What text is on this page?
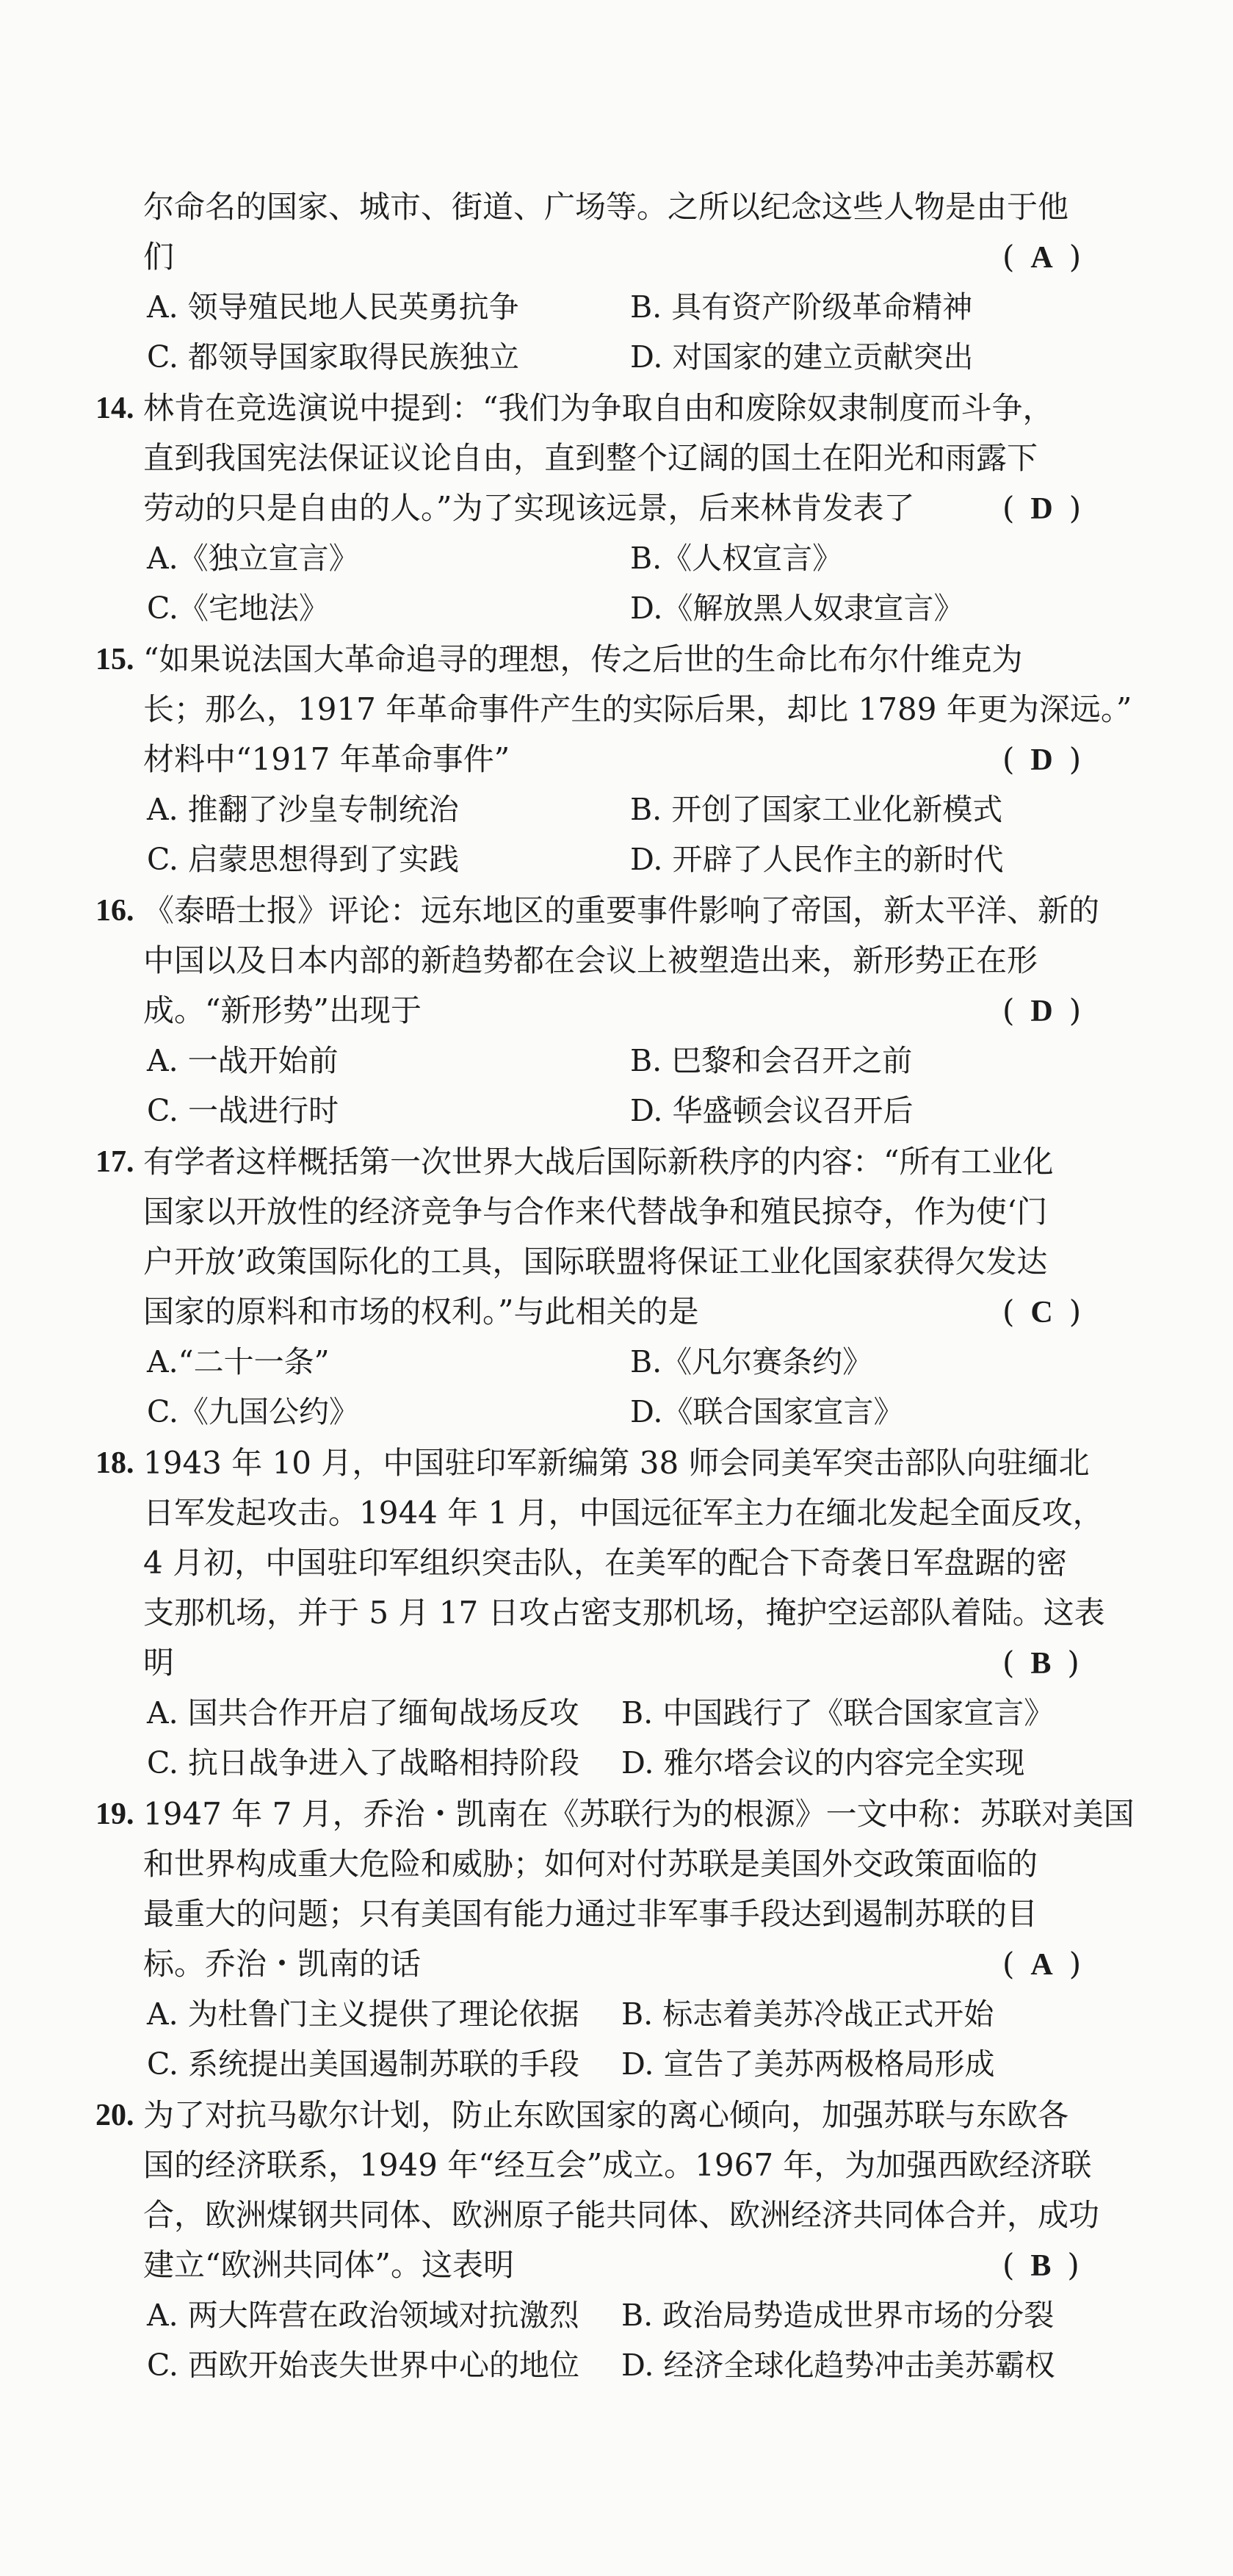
尔命名的国家、城市、街道、广场等。之所以纪念这些人物是由于他
们	( A )
A. 领导殖民地人民英勇抗争	B. 具有资产阶级革命精神
C. 都领导国家取得民族独立	D. 对国家的建立贡献突出
14. 林肯在竞选演说中提到：“我们为争取自由和废除奴隶制度而斗争，
直到我国宪法保证议论自由，直到整个辽阔的国土在阳光和雨露下
劳动的只是自由的人。”为了实现该远景，后来林肯发表了	( D )
A.《独立宣言》	B.《人权宣言》
C.《宅地法》	D.《解放黑人奴隶宣言》
15. “如果说法国大革命追寻的理想，传之后世的生命比布尔什维克为
长；那么，1917 年革命事件产生的实际后果，却比 1789 年更为深远。”
材料中“1917 年革命事件”	( D )
A. 推翻了沙皇专制统治	B. 开创了国家工业化新模式
C. 启蒙思想得到了实践	D. 开辟了人民作主的新时代
16. 《泰晤士报》评论：远东地区的重要事件影响了帝国，新太平洋、新的
中国以及日本内部的新趋势都在会议上被塑造出来，新形势正在形
成。“新形势”出现于	( D )
A. 一战开始前	B. 巴黎和会召开之前
C. 一战进行时	D. 华盛顿会议召开后
17. 有学者这样概括第一次世界大战后国际新秩序的内容：“所有工业化
国家以开放性的经济竞争与合作来代替战争和殖民掠夺，作为使‘门
户开放’政策国际化的工具，国际联盟将保证工业化国家获得欠发达
国家的原料和市场的权利。”与此相关的是	( C )
A.“二十一条”	B.《凡尔赛条约》
C.《九国公约》	D.《联合国家宣言》
18. 1943 年 10 月，中国驻印军新编第 38 师会同美军突击部队向驻缅北
日军发起攻击。1944 年 1 月，中国远征军主力在缅北发起全面反攻，
4 月初，中国驻印军组织突击队，在美军的配合下奇袭日军盘踞的密
支那机场，并于 5 月 17 日攻占密支那机场，掩护空运部队着陆。这表
明	( B )
A. 国共合作开启了缅甸战场反攻 B. 中国践行了《联合国家宣言》
C. 抗日战争进入了战略相持阶段 D. 雅尔塔会议的内容完全实现
19. 1947 年 7 月，乔治・凯南在《苏联行为的根源》一文中称：苏联对美国
和世界构成重大危险和威胁；如何对付苏联是美国外交政策面临的
最重大的问题；只有美国有能力通过非军事手段达到遏制苏联的目
标。乔治・凯南的话	( A )
A. 为杜鲁门主义提供了理论依据 B. 标志着美苏冷战正式开始
C. 系统提出美国遏制苏联的手段 D. 宣告了美苏两极格局形成
20. 为了对抗马歇尔计划，防止东欧国家的离心倾向，加强苏联与东欧各
国的经济联系，1949 年“经互会”成立。1967 年，为加强西欧经济联
合，欧洲煤钢共同体、欧洲原子能共同体、欧洲经济共同体合并，成功
建立“欧洲共同体”。这表明	( B )
A. 两大阵营在政治领域对抗激烈 B. 政治局势造成世界市场的分裂
C. 西欧开始丧失世界中心的地位 D. 经济全球化趋势冲击美苏霸权
